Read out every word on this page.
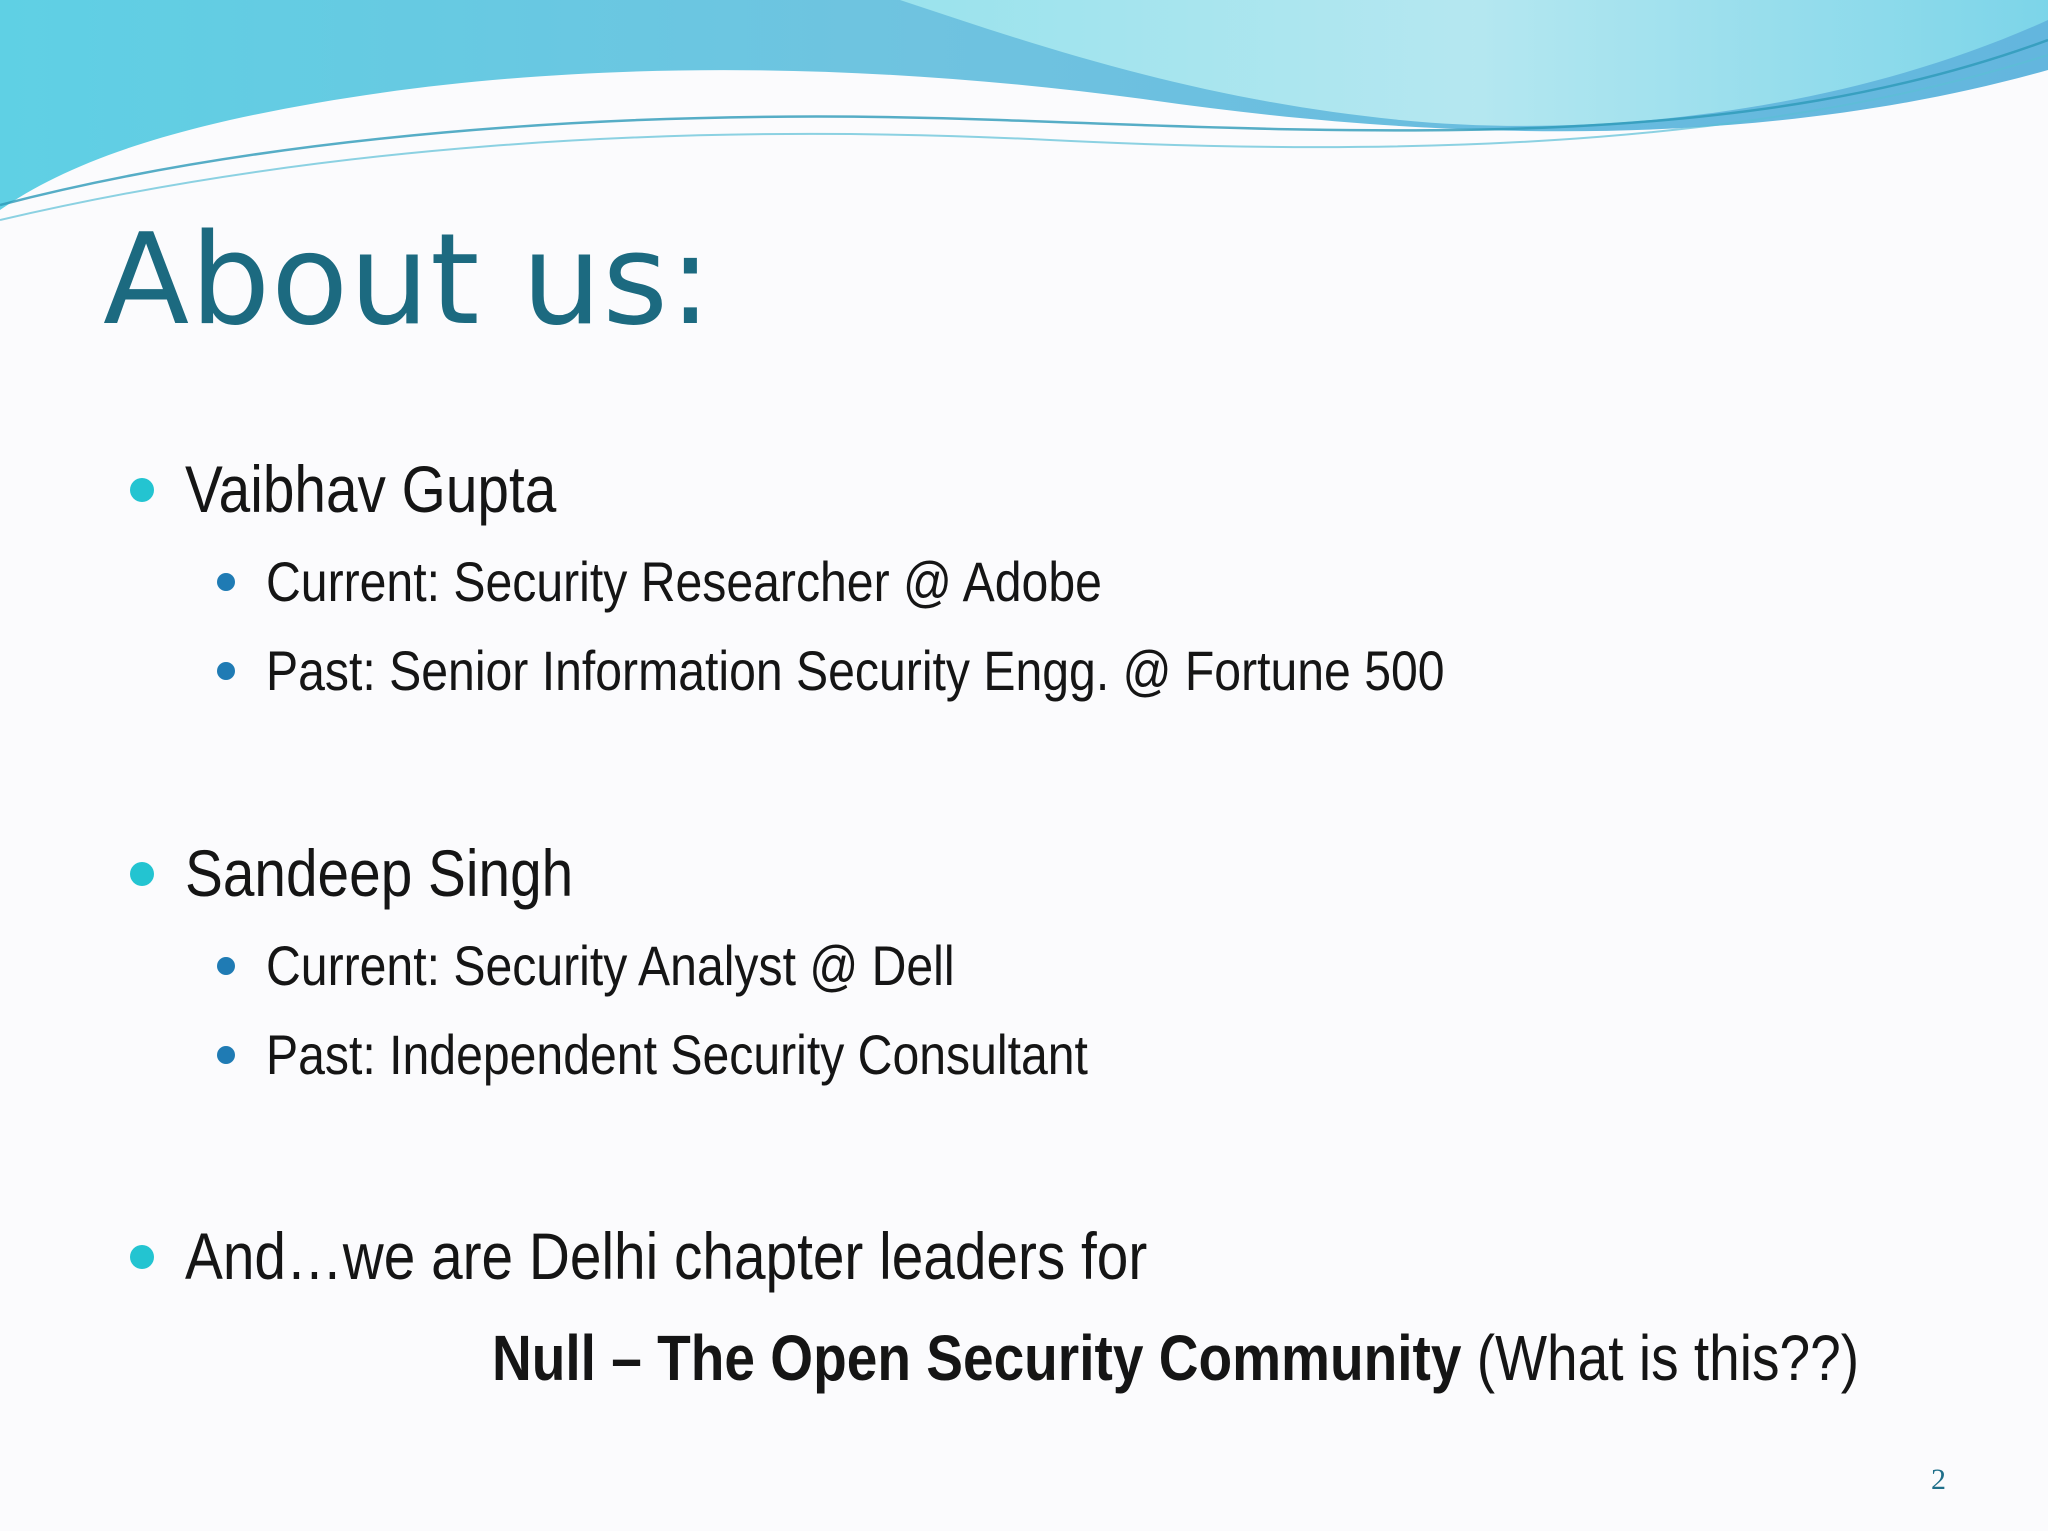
About us:

Vaibhav Gupta

Current: Security Researcher @ Adobe

Past: Senior Information Security Engg. @ Fortune 500

Sandeep Singh

Current: Security Analyst @ Dell

Past: Independent Security Consultant

And…we are Delhi chapter leaders for

Null – The Open Security Community (What is this??)

2
